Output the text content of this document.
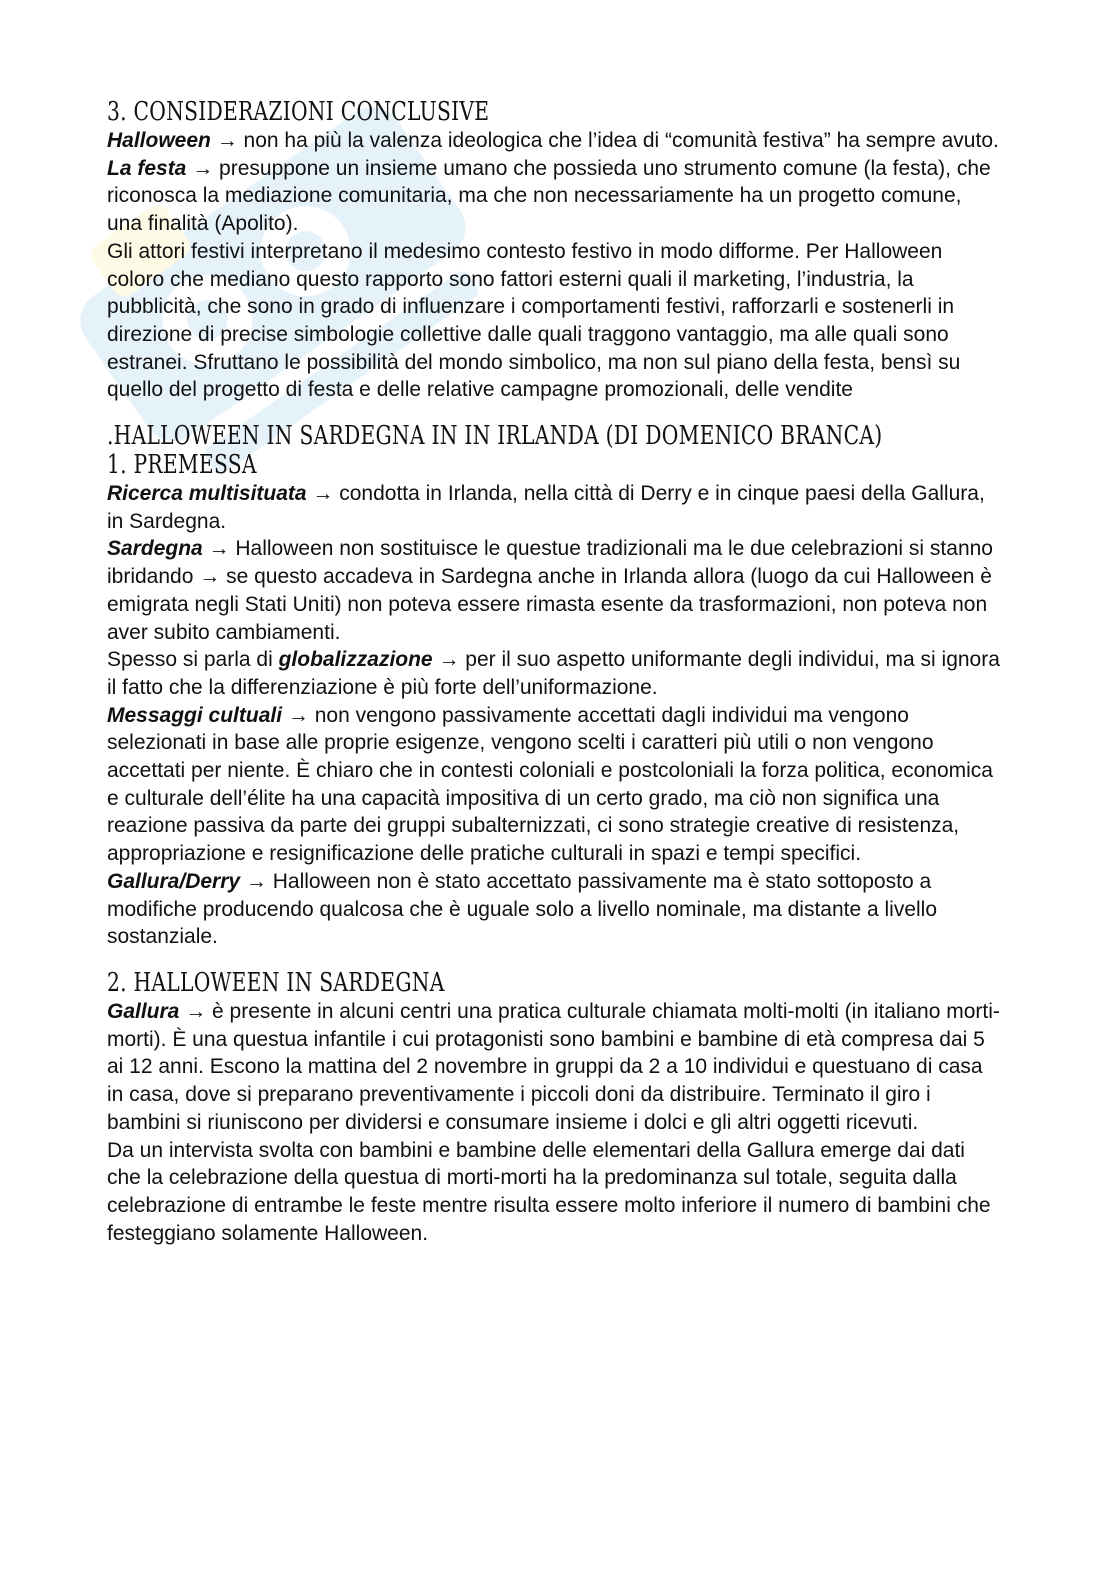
3. CONSIDERAZIONI CONCLUSIVE

Halloween → non ha più la valenza ideologica che l’idea di “comunità festiva” ha sempre avuto.

La festa → presuppone un insieme umano che possieda uno strumento comune (la festa), che riconosca la mediazione comunitaria, ma che non necessariamente ha un progetto comune, una finalità (Apolito).

Gli attori festivi interpretano il medesimo contesto festivo in modo difforme. Per Halloween coloro che mediano questo rapporto sono fattori esterni quali il marketing, l’industria, la pubblicità, che sono in grado di influenzare i comportamenti festivi, rafforzarli e sostenerli in direzione di precise simbologie collettive dalle quali traggono vantaggio, ma alle quali sono estranei. Sfruttano le possibilità del mondo simbolico, ma non sul piano della festa, bensì su quello del progetto di festa e delle relative campagne promozionali, delle vendite

.HALLOWEEN IN SARDEGNA IN IN IRLANDA (DI DOMENICO BRANCA)
1. PREMESSA

Ricerca multisituata → condotta in Irlanda, nella città di Derry e in cinque paesi della Gallura, in Sardegna.

Sardegna → Halloween non sostituisce le questue tradizionali ma le due celebrazioni si stanno ibridando → se questo accadeva in Sardegna anche in Irlanda allora (luogo da cui Halloween è emigrata negli Stati Uniti) non poteva essere rimasta esente da trasformazioni, non poteva non aver subito cambiamenti.

Spesso si parla di globalizzazione → per il suo aspetto uniformante degli individui, ma si ignora il fatto che la differenziazione è più forte dell’uniformazione.

Messaggi cultuali → non vengono passivamente accettati dagli individui ma vengono selezionati in base alle proprie esigenze, vengono scelti i caratteri più utili o non vengono accettati per niente. È chiaro che in contesti coloniali e postcoloniali la forza politica, economica e culturale dell’élite ha una capacità impositiva di un certo grado, ma ciò non significa una reazione passiva da parte dei gruppi subalternizzati, ci sono strategie creative di resistenza, appropriazione e resignificazione delle pratiche culturali in spazi e tempi specifici.

Gallura/Derry → Halloween non è stato accettato passivamente ma è stato sottoposto a modifiche producendo qualcosa che è uguale solo a livello nominale, ma distante a livello sostanziale.

2. HALLOWEEN IN SARDEGNA

Gallura → è presente in alcuni centri una pratica culturale chiamata molti-molti (in italiano morti-morti). È una questua infantile i cui protagonisti sono bambini e bambine di età compresa dai 5 ai 12 anni. Escono la mattina del 2 novembre in gruppi da 2 a 10 individui e questuano di casa in casa, dove si preparano preventivamente i piccoli doni da distribuire. Terminato il giro i bambini si riuniscono per dividersi e consumare insieme i dolci e gli altri oggetti ricevuti.

Da un intervista svolta con bambini e bambine delle elementari della Gallura emerge dai dati che la celebrazione della questua di morti-morti ha la predominanza sul totale, seguita dalla celebrazione di entrambe le feste mentre risulta essere molto inferiore il numero di bambini che festeggiano solamente Halloween.
